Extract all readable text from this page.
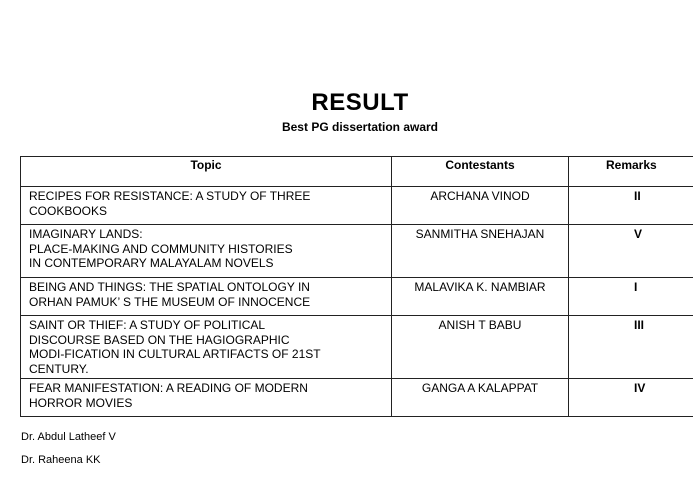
RESULT
Best PG dissertation award
Topic	Contestants	Remarks

RECIPES FOR RESISTANCE: A STUDY OF THREE
COOKBOOKS	ARCHANA VINOD	II

IMAGINARY LANDS:
PLACE-MAKING AND COMMUNITY HISTORIES
IN CONTEMPORARY MALAYALAM NOVELS	SANMITHA SNEHAJAN	V

BEING AND THINGS: THE SPATIAL ONTOLOGY IN
ORHAN PAMUK’ S THE MUSEUM OF INNOCENCE	MALAVIKA K. NAMBIAR	I

SAINT OR THIEF: A STUDY OF POLITICAL
DISCOURSE BASED ON THE HAGIOGRAPHIC
MODI-FICATION IN CULTURAL ARTIFACTS OF 21ST
CENTURY.	ANISH T BABU	III

FEAR MANIFESTATION: A READING OF MODERN
HORROR MOVIES	GANGA A KALAPPAT	IV
Dr. Abdul Latheef V
Dr. Raheena KK
